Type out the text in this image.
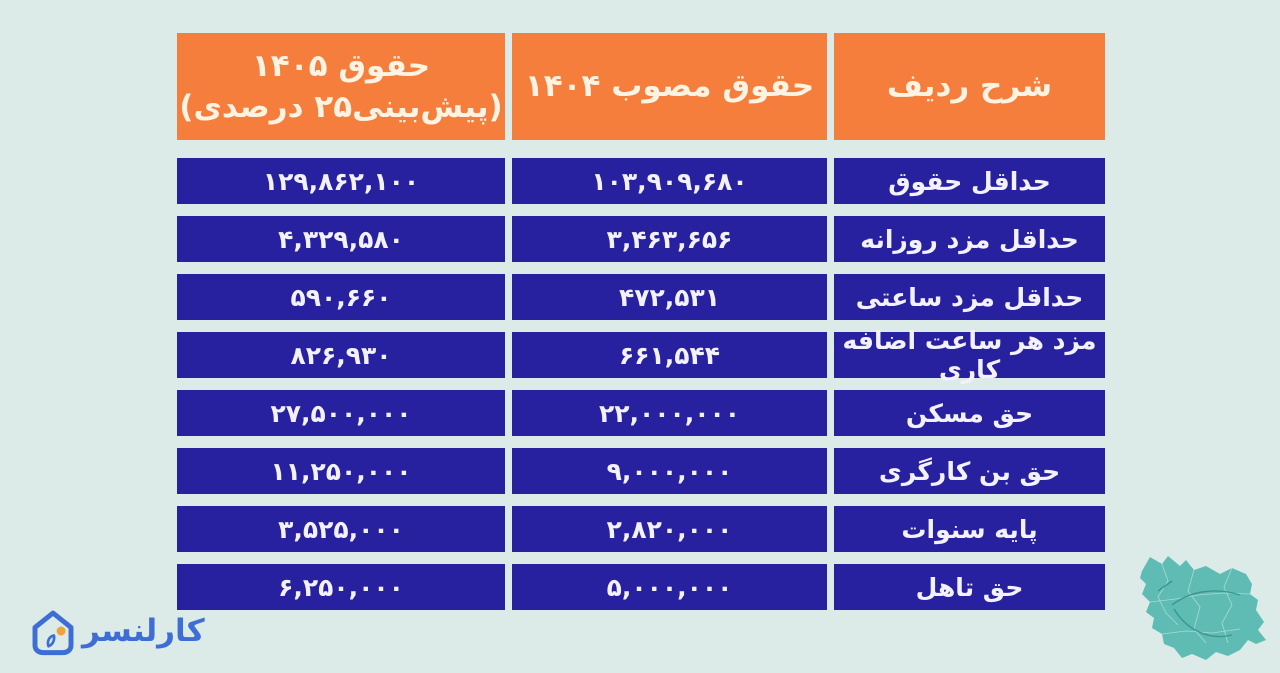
شرح ردیف
حقوق مصوب ۱۴۰۴
حقوق ۱۴۰۵
(پیش‌بینی۲۵ درصدی)
حداقل حقوق
۱۰۳,۹۰۹,۶۸۰
۱۲۹,۸۶۲,۱۰۰
حداقل مزد روزانه
۳,۴۶۳,۶۵۶
۴,۳۲۹,۵۸۰
حداقل مزد ساعتی
۴۷۲,۵۳۱
۵۹۰,۶۶۰
مزد هر ساعت اضافه کاری
۶۶۱,۵۴۴
۸۲۶,۹۳۰
حق مسکن
۲۲,۰۰۰,۰۰۰
۲۷,۵۰۰,۰۰۰
حق بن کارگری
۹,۰۰۰,۰۰۰
۱۱,۲۵۰,۰۰۰
پایه سنوات
۲,۸۲۰,۰۰۰
۳,۵۲۵,۰۰۰
حق تاهل
۵,۰۰۰,۰۰۰
۶,۲۵۰,۰۰۰
کارلنسر
